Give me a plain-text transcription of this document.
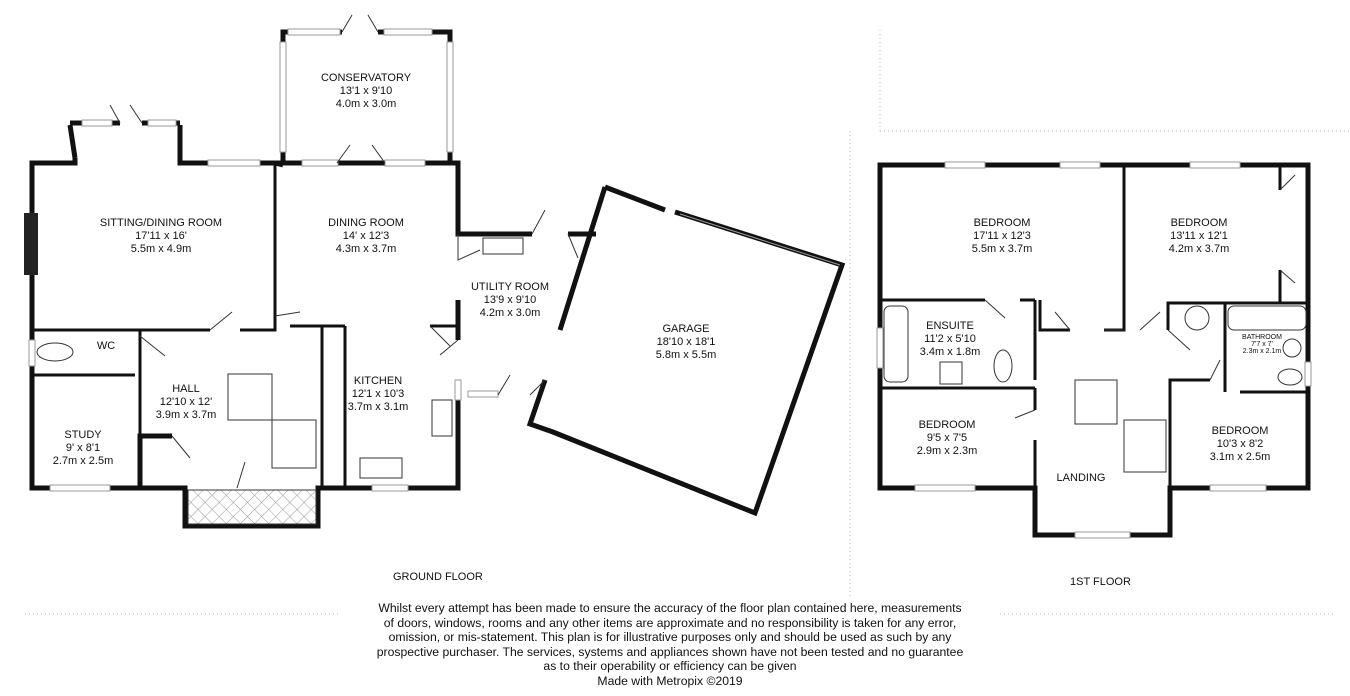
CONSERVATORY
13'1 x 9'10
4.0m x 3.0m
SITTING/DINING ROOM
17'11 x 16'
5.5m x 4.9m
DINING ROOM
14' x 12'3
4.3m x 3.7m
UTILITY ROOM
13'9 x 9'10
4.2m x 3.0m
GARAGE
18'10 x 18'1
5.8m x 5.5m
WC
HALL
12'10 x 12'
3.9m x 3.7m
KITCHEN
12'1 x 10'3
3.7m x 3.1m
STUDY
9' x 8'1
2.7m x 2.5m
BEDROOM
17'11 x 12'3
5.5m x 3.7m
BEDROOM
13'11 x 12'1
4.2m x 3.7m
ENSUITE
11'2 x 5'10
3.4m x 1.8m
BATHROOM
7'7 x 7'
2.3m x 2.1m
BEDROOM
9'5 x 7'5
2.9m x 2.3m
BEDROOM
10'3 x 8'2
3.1m x 2.5m
LANDING
GROUND FLOOR	1ST FLOOR
Whilst every attempt has been made to ensure the accuracy of the floor plan contained here, measurements
of doors, windows, rooms and any other items are approximate and no responsibility is taken for any error,
omission, or mis-statement. This plan is for illustrative purposes only and should be used as such by any
prospective purchaser. The services, systems and appliances shown have not been tested and no guarantee
as to their operability or efficiency can be given
Made with Metropix ©2019
